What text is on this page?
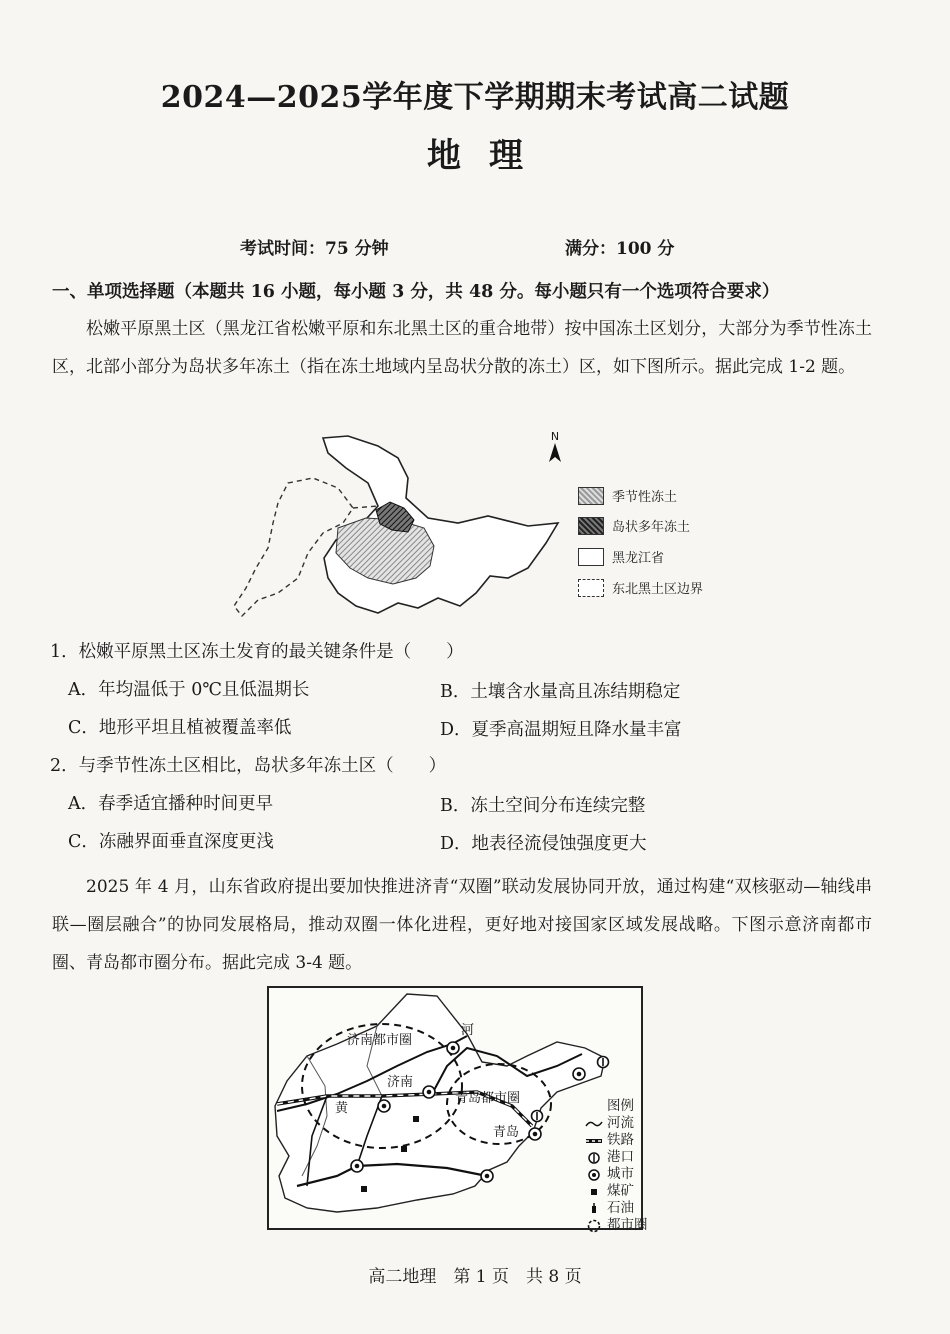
2024—2025学年度下学期期末考试高二试题
地理
考试时间：75 分钟	满分：100 分
一、单项选择题（本题共 16 小题，每小题 3 分，共 48 分。每小题只有一个选项符合要求）
松嫩平原黑土区（黑龙江省松嫩平原和东北黑土区的重合地带）按中国冻土区划分，大部分为季节性冻土区，北部小部分为岛状多年冻土（指在冻土地域内呈岛状分散的冻土）区，如下图所示。据此完成 1-2 题。
N
季节性冻土
岛状多年冻土
黑龙江省
东北黑土区边界
1．松嫩平原黑土区冻土发育的最关键条件是（　　）
A．年均温低于 0℃且低温期长	B．土壤含水量高且冻结期稳定
C．地形平坦且植被覆盖率低	D．夏季高温期短且降水量丰富
2．与季节性冻土区相比，岛状多年冻土区（　　）
A．春季适宜播种时间更早	B．冻土空间分布连续完整
C．冻融界面垂直深度更浅	D．地表径流侵蚀强度更大
2025 年 4 月，山东省政府提出要加快推进济青“双圈”联动发展协同开放，通过构建“双核驱动—轴线串联—圈层融合”的协同发展格局，推动双圈一体化进程，更好地对接国家区域发展战略。下图示意济南都市圈、青岛都市圈分布。据此完成 3-4 题。
济南都市圈
河
济南
青岛都市圈
青岛
黄	图例
河流
铁路
港口
城市
煤矿
石油
都市圈
高二地理　第 1 页　共 8 页
